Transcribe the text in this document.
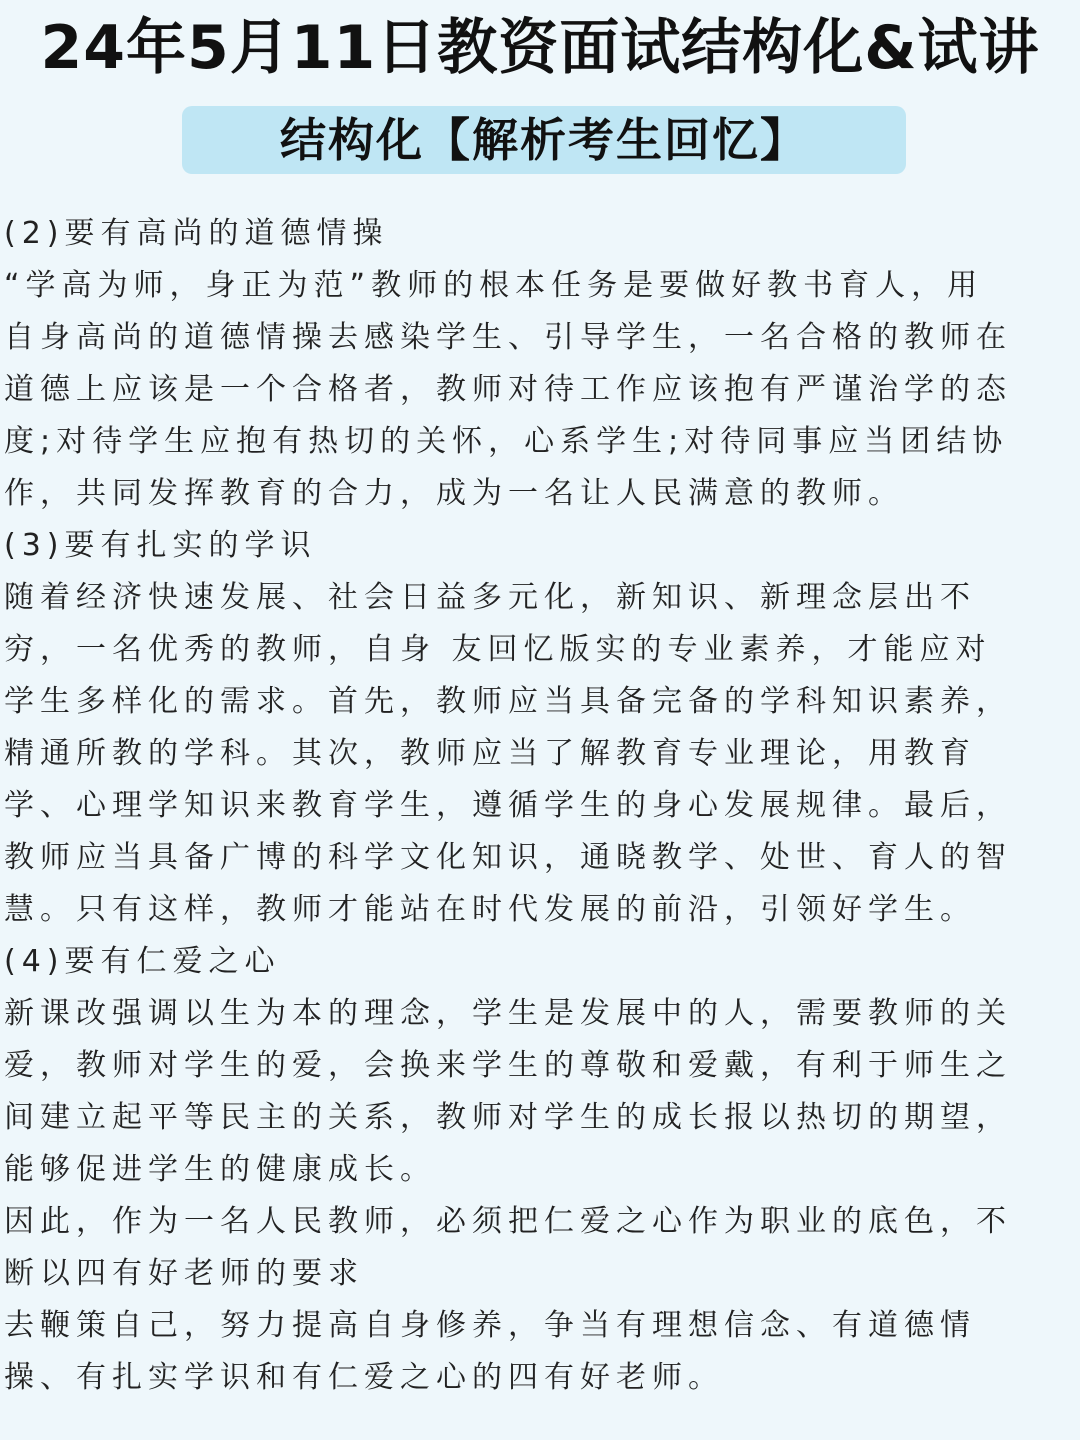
24年5月11日教资面试结构化&试讲
结构化【解析考生回忆】
(2)要有高尚的道德情操
“学高为师，身正为范”教师的根本任务是要做好教书育人，用
自身高尚的道德情操去感染学生、引导学生，一名合格的教师在
道德上应该是一个合格者，教师对待工作应该抱有严谨治学的态
度;对待学生应抱有热切的关怀，心系学生;对待同事应当团结协
作，共同发挥教育的合力，成为一名让人民满意的教师。
(3)要有扎实的学识
随着经济快速发展、社会日益多元化，新知识、新理念层出不
穷，一名优秀的教师，自身 友回忆版实的专业素养，才能应对
学生多样化的需求。首先，教师应当具备完备的学科知识素养，
精通所教的学科。其次，教师应当了解教育专业理论，用教育
学、心理学知识来教育学生，遵循学生的身心发展规律。最后，
教师应当具备广博的科学文化知识，通晓教学、处世、育人的智
慧。只有这样，教师才能站在时代发展的前沿，引领好学生。
(4)要有仁爱之心
新课改强调以生为本的理念，学生是发展中的人，需要教师的关
爱，教师对学生的爱，会换来学生的尊敬和爱戴，有利于师生之
间建立起平等民主的关系，教师对学生的成长报以热切的期望，
能够促进学生的健康成长。
因此，作为一名人民教师，必须把仁爱之心作为职业的底色，不
断以四有好老师的要求
去鞭策自己，努力提高自身修养，争当有理想信念、有道德情
操、有扎实学识和有仁爱之心的四有好老师。
